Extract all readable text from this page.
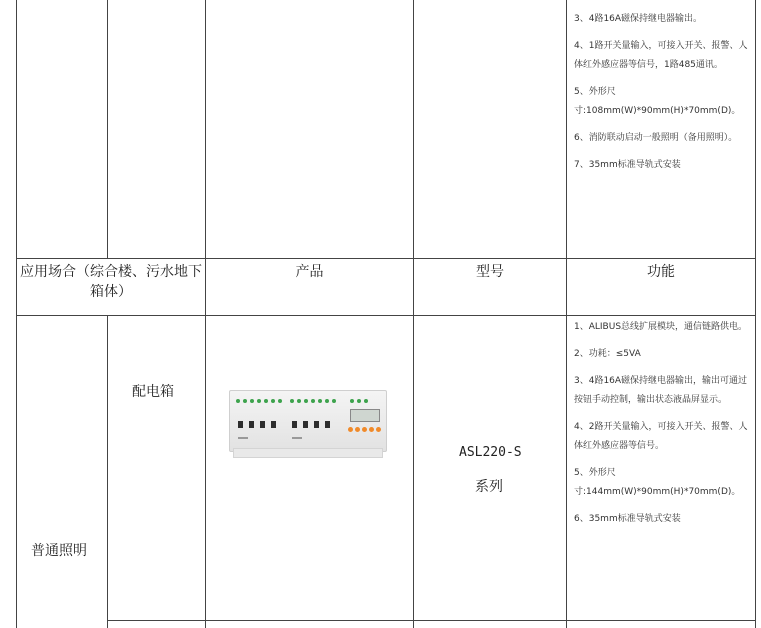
3、4路16A磁保持继电器输出。

4、1路开关量输入，可接入开关、报警、人体红外感应器等信号，1路485通讯。

5、外形尺寸:108mm(W)*90mm(H)*70mm(D)。

6、消防联动启动一般照明（备用照明）。

7、35mm标准导轨式安装

应用场合（综合楼、污水地下箱体）
产品	型号	功能
普通照明
配电箱
ASL220-S
系列

1、ALIBUS总线扩展模块，通信链路供电。

2、功耗：≤5VA

3、4路16A磁保持继电器输出，输出可通过按钮手动控制，输出状态液晶屏显示。

4、2路开关量输入，可接入开关、报警、人体红外感应器等信号。

5、外形尺寸:144mm(W)*90mm(H)*70mm(D)。

6、35mm标准导轨式安装
